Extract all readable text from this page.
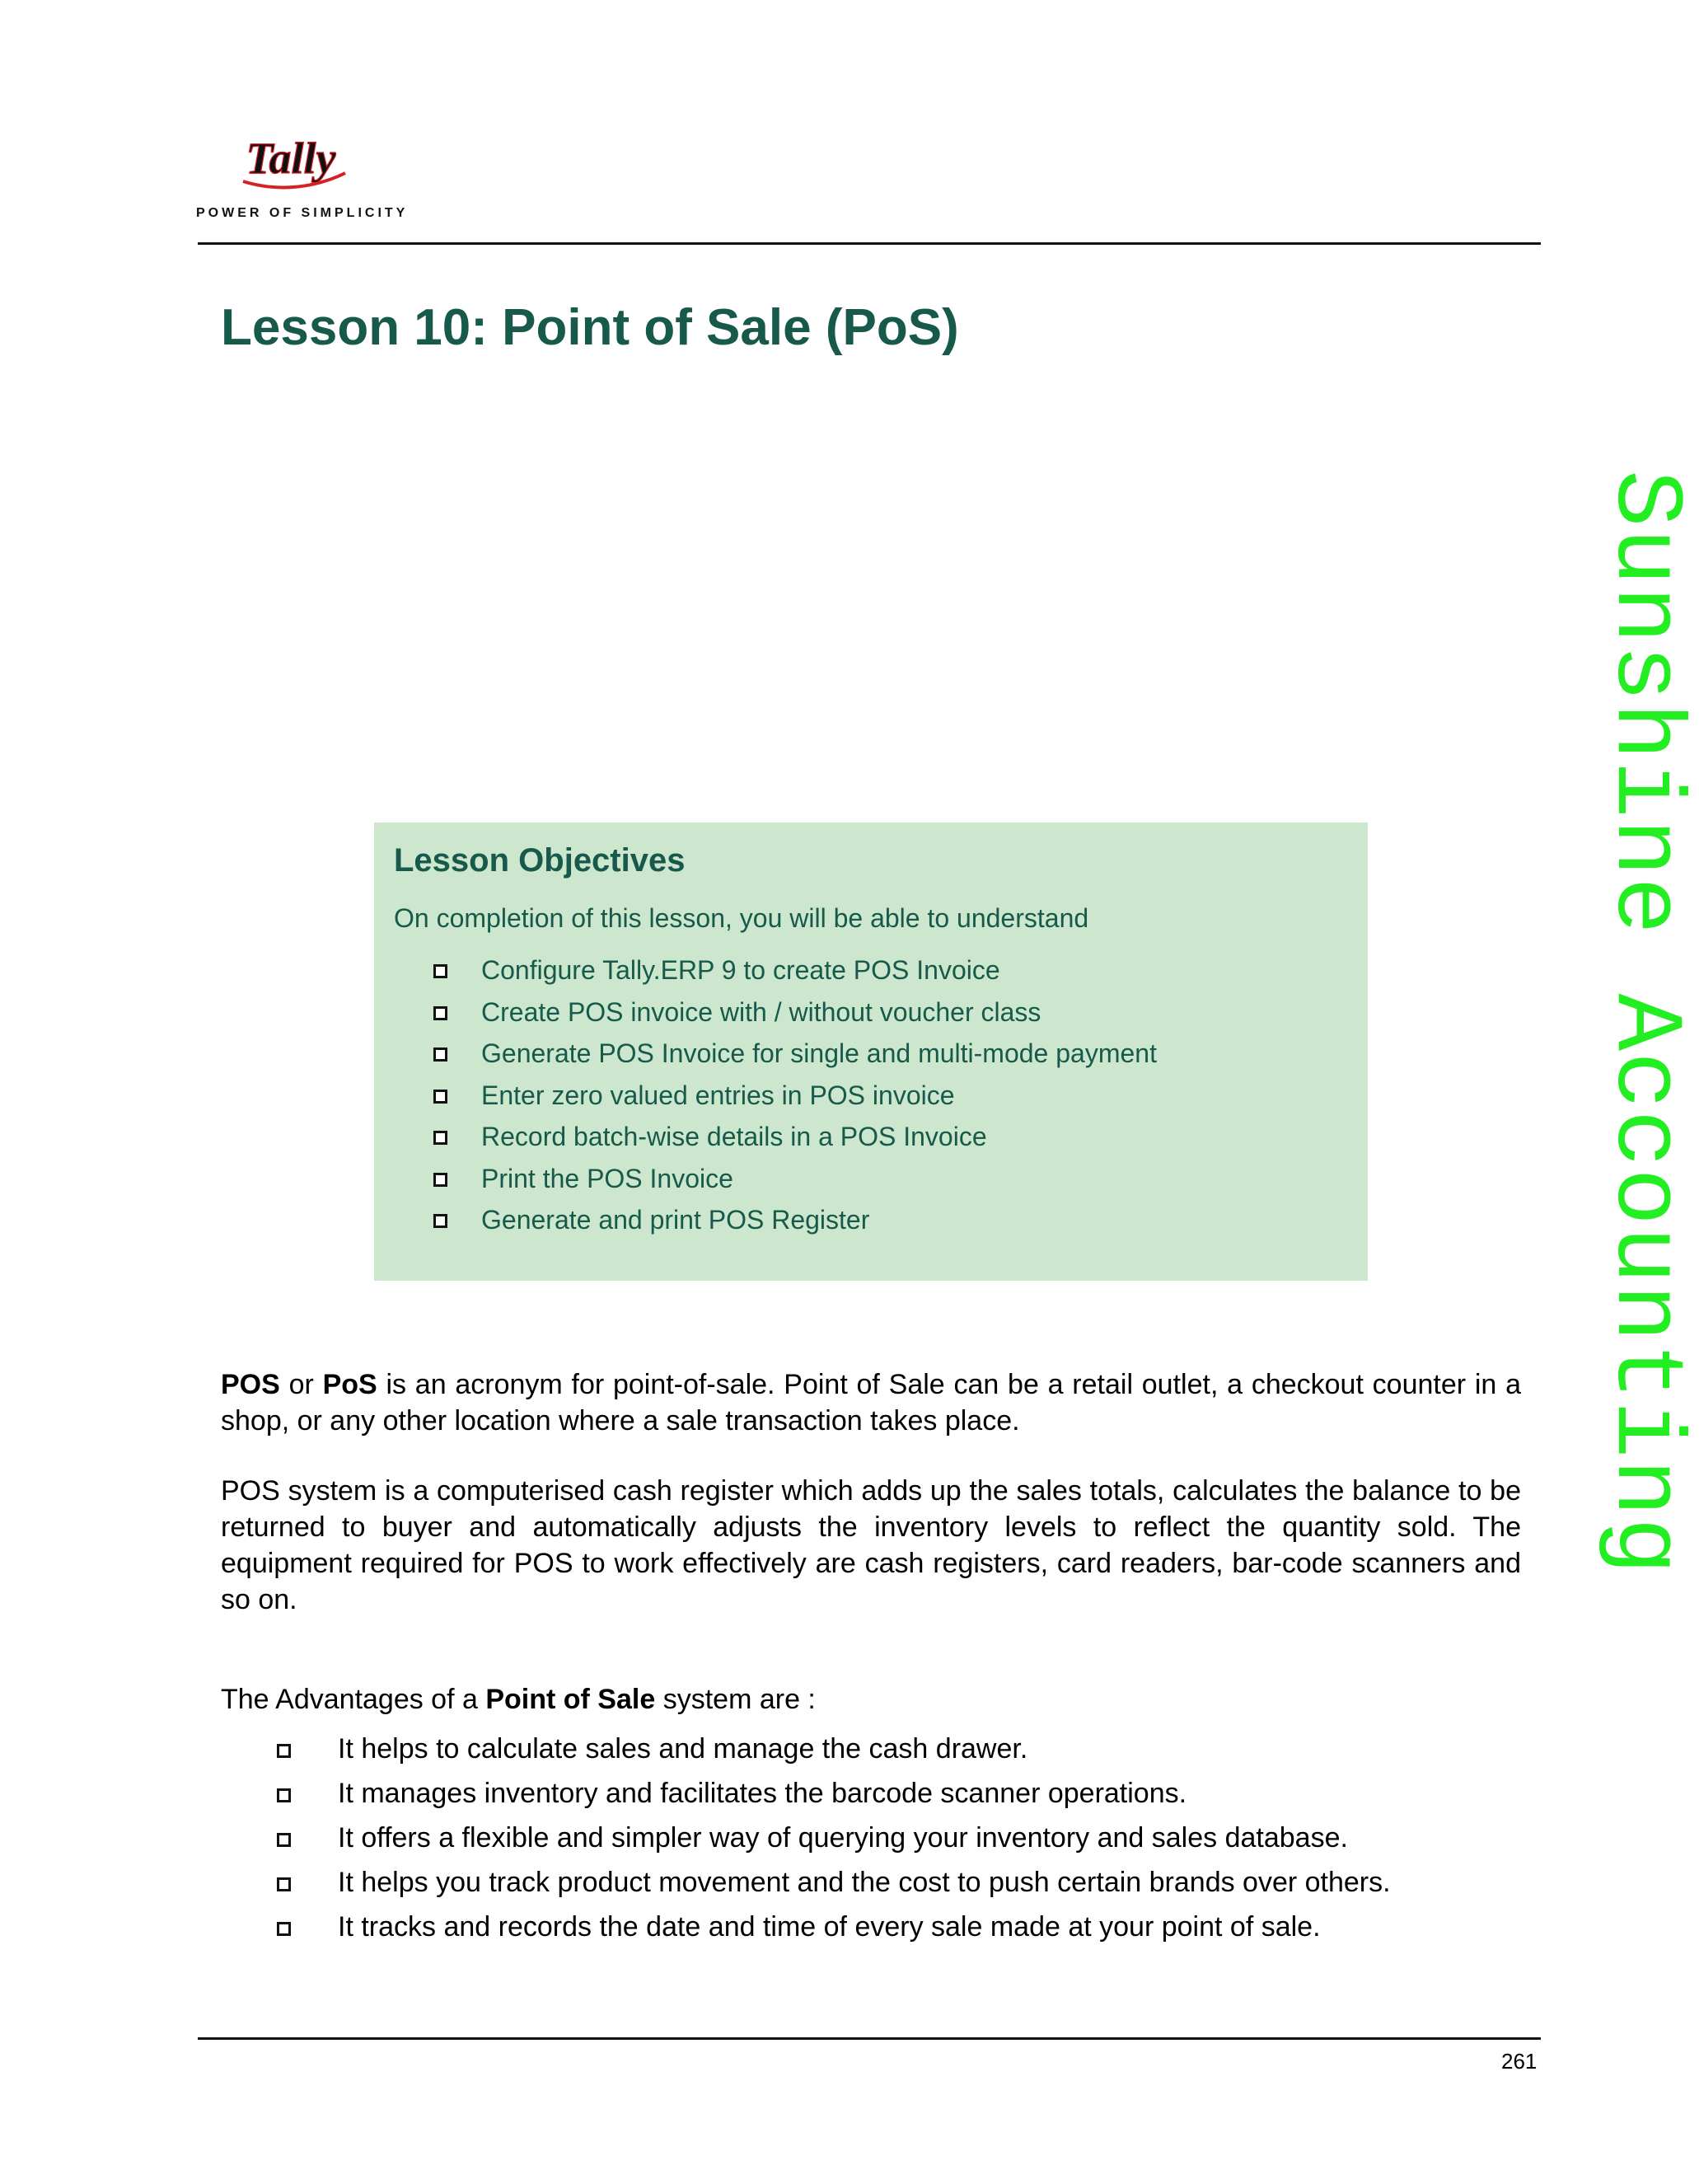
Tally
POWER OF SIMPLICITY
Lesson 10: Point of Sale (PoS)
Sunshine Accounting
Lesson Objectives

On completion of this lesson, you will be able to understand

Configure Tally.ERP 9 to create POS Invoice
Create POS invoice with / without voucher class
Generate POS Invoice for single and multi-mode payment
Enter zero valued entries in POS invoice
Record batch-wise details in a POS Invoice
Print the POS Invoice
Generate and print POS Register

POS or PoS is an acronym for point-of-sale. Point of Sale can be a retail outlet, a checkout counter in a shop, or any other location where a sale transaction takes place.

POS system is a computerised cash register which adds up the sales totals, calculates the balance to be returned to buyer and automatically adjusts the inventory levels to reflect the quantity sold. The equipment required for POS to work effectively are cash registers, card readers, bar-code scanners and so on.

The Advantages of a Point of Sale system are :

It helps to calculate sales and manage the cash drawer.
It manages inventory and facilitates the barcode scanner operations.
It offers a flexible and simpler way of querying your inventory and sales database.
It helps you track product movement and the cost to push certain brands over others.
It tracks and records the date and time of every sale made at your point of sale.
261
